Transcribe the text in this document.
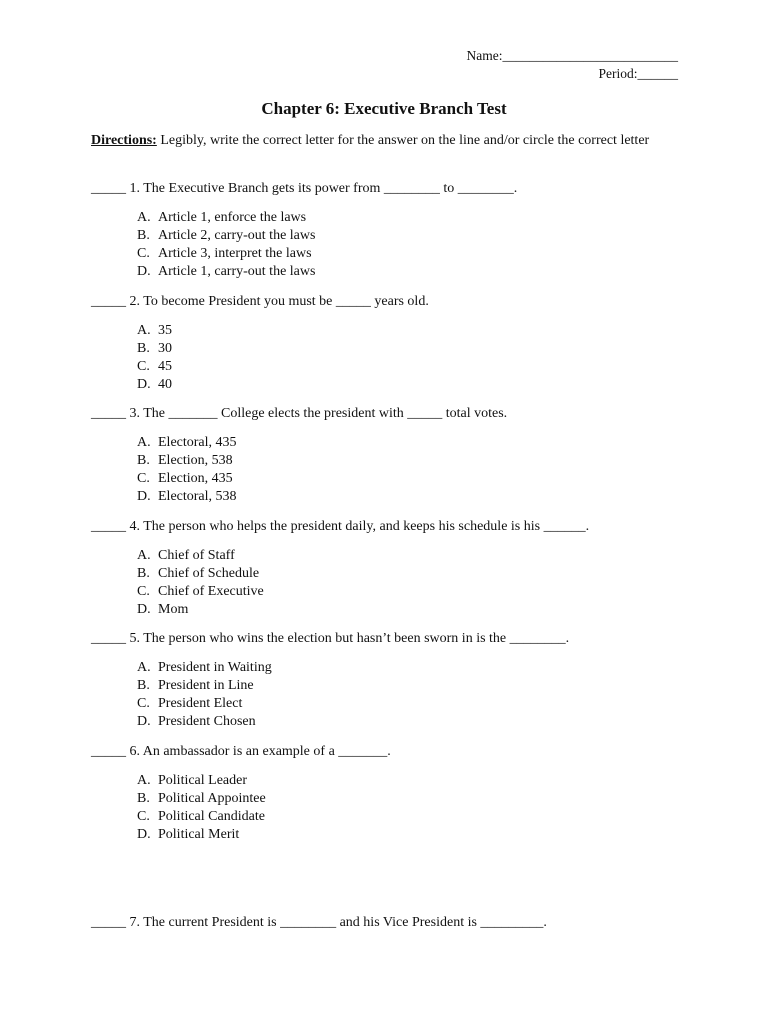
Name:__________________________
Period:______
Chapter 6: Executive Branch Test
Directions: Legibly, write the correct letter for the answer on the line and/or circle the correct letter
_____ 1. The Executive Branch gets its power from ________ to ________.
A. Article 1, enforce the laws
B. Article 2, carry-out the laws
C. Article 3, interpret the laws
D. Article 1, carry-out the laws
_____ 2. To become President you must be _____ years old.
A. 35
B. 30
C. 45
D. 40
_____ 3. The _______ College elects the president with _____ total votes.
A. Electoral, 435
B. Election, 538
C. Election, 435
D. Electoral, 538
_____ 4. The person who helps the president daily, and keeps his schedule is his ______.
A. Chief of Staff
B. Chief of Schedule
C. Chief of Executive
D. Mom
_____ 5. The person who wins the election but hasn’t been sworn in is the ________.
A. President in Waiting
B. President in Line
C. President Elect
D. President Chosen
_____ 6. An ambassador is an example of a _______.
A. Political Leader
B. Political Appointee
C. Political Candidate
D. Political Merit
_____ 7. The current President is ________ and his Vice President is _________.
